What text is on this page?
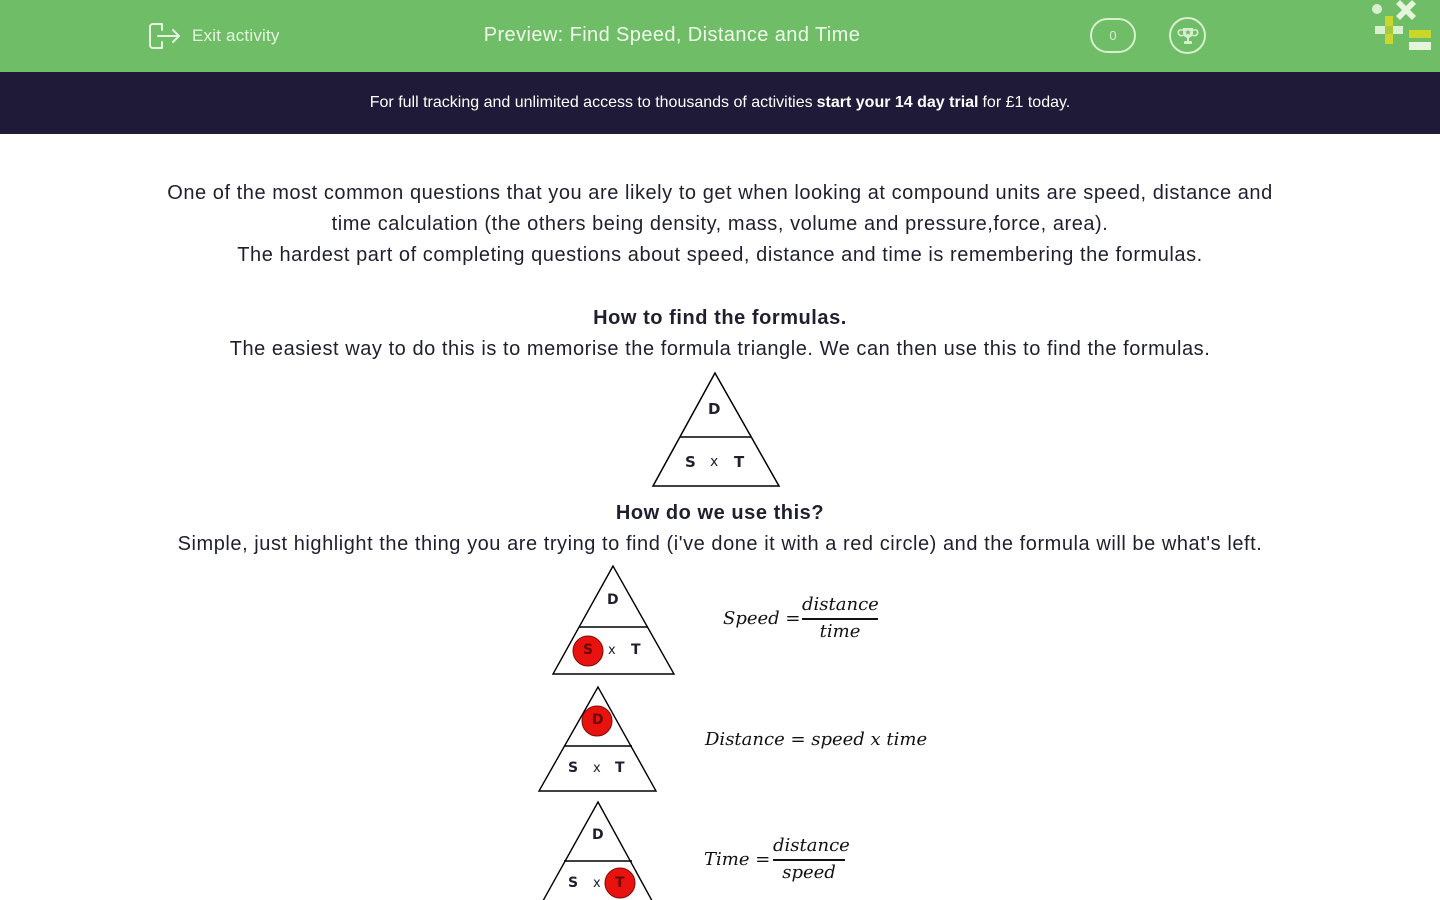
Exit activity	Preview: Find Speed, Distance and Time	0
For full tracking and unlimited access to thousands of activities start your 14 day trial for £1 today.
One of the most common questions that you are likely to get when looking at compound units are speed, distance and
time calculation (the others being density, mass, volume and pressure,force, area).
The hardest part of completing questions about speed, distance and time is remembering the formulas.
How to find the formulas.
The easiest way to do this is to memorise the formula triangle. We can then use this to find the formulas.
D
S x T
How do we use this?
Simple, just highlight the thing you are trying to find (i've done it with a red circle) and the formula will be what's left.
D
S x T
Speed =
distance
time
D
S x T
Distance = speed x time
D
S x T
Time =
distance
speed
